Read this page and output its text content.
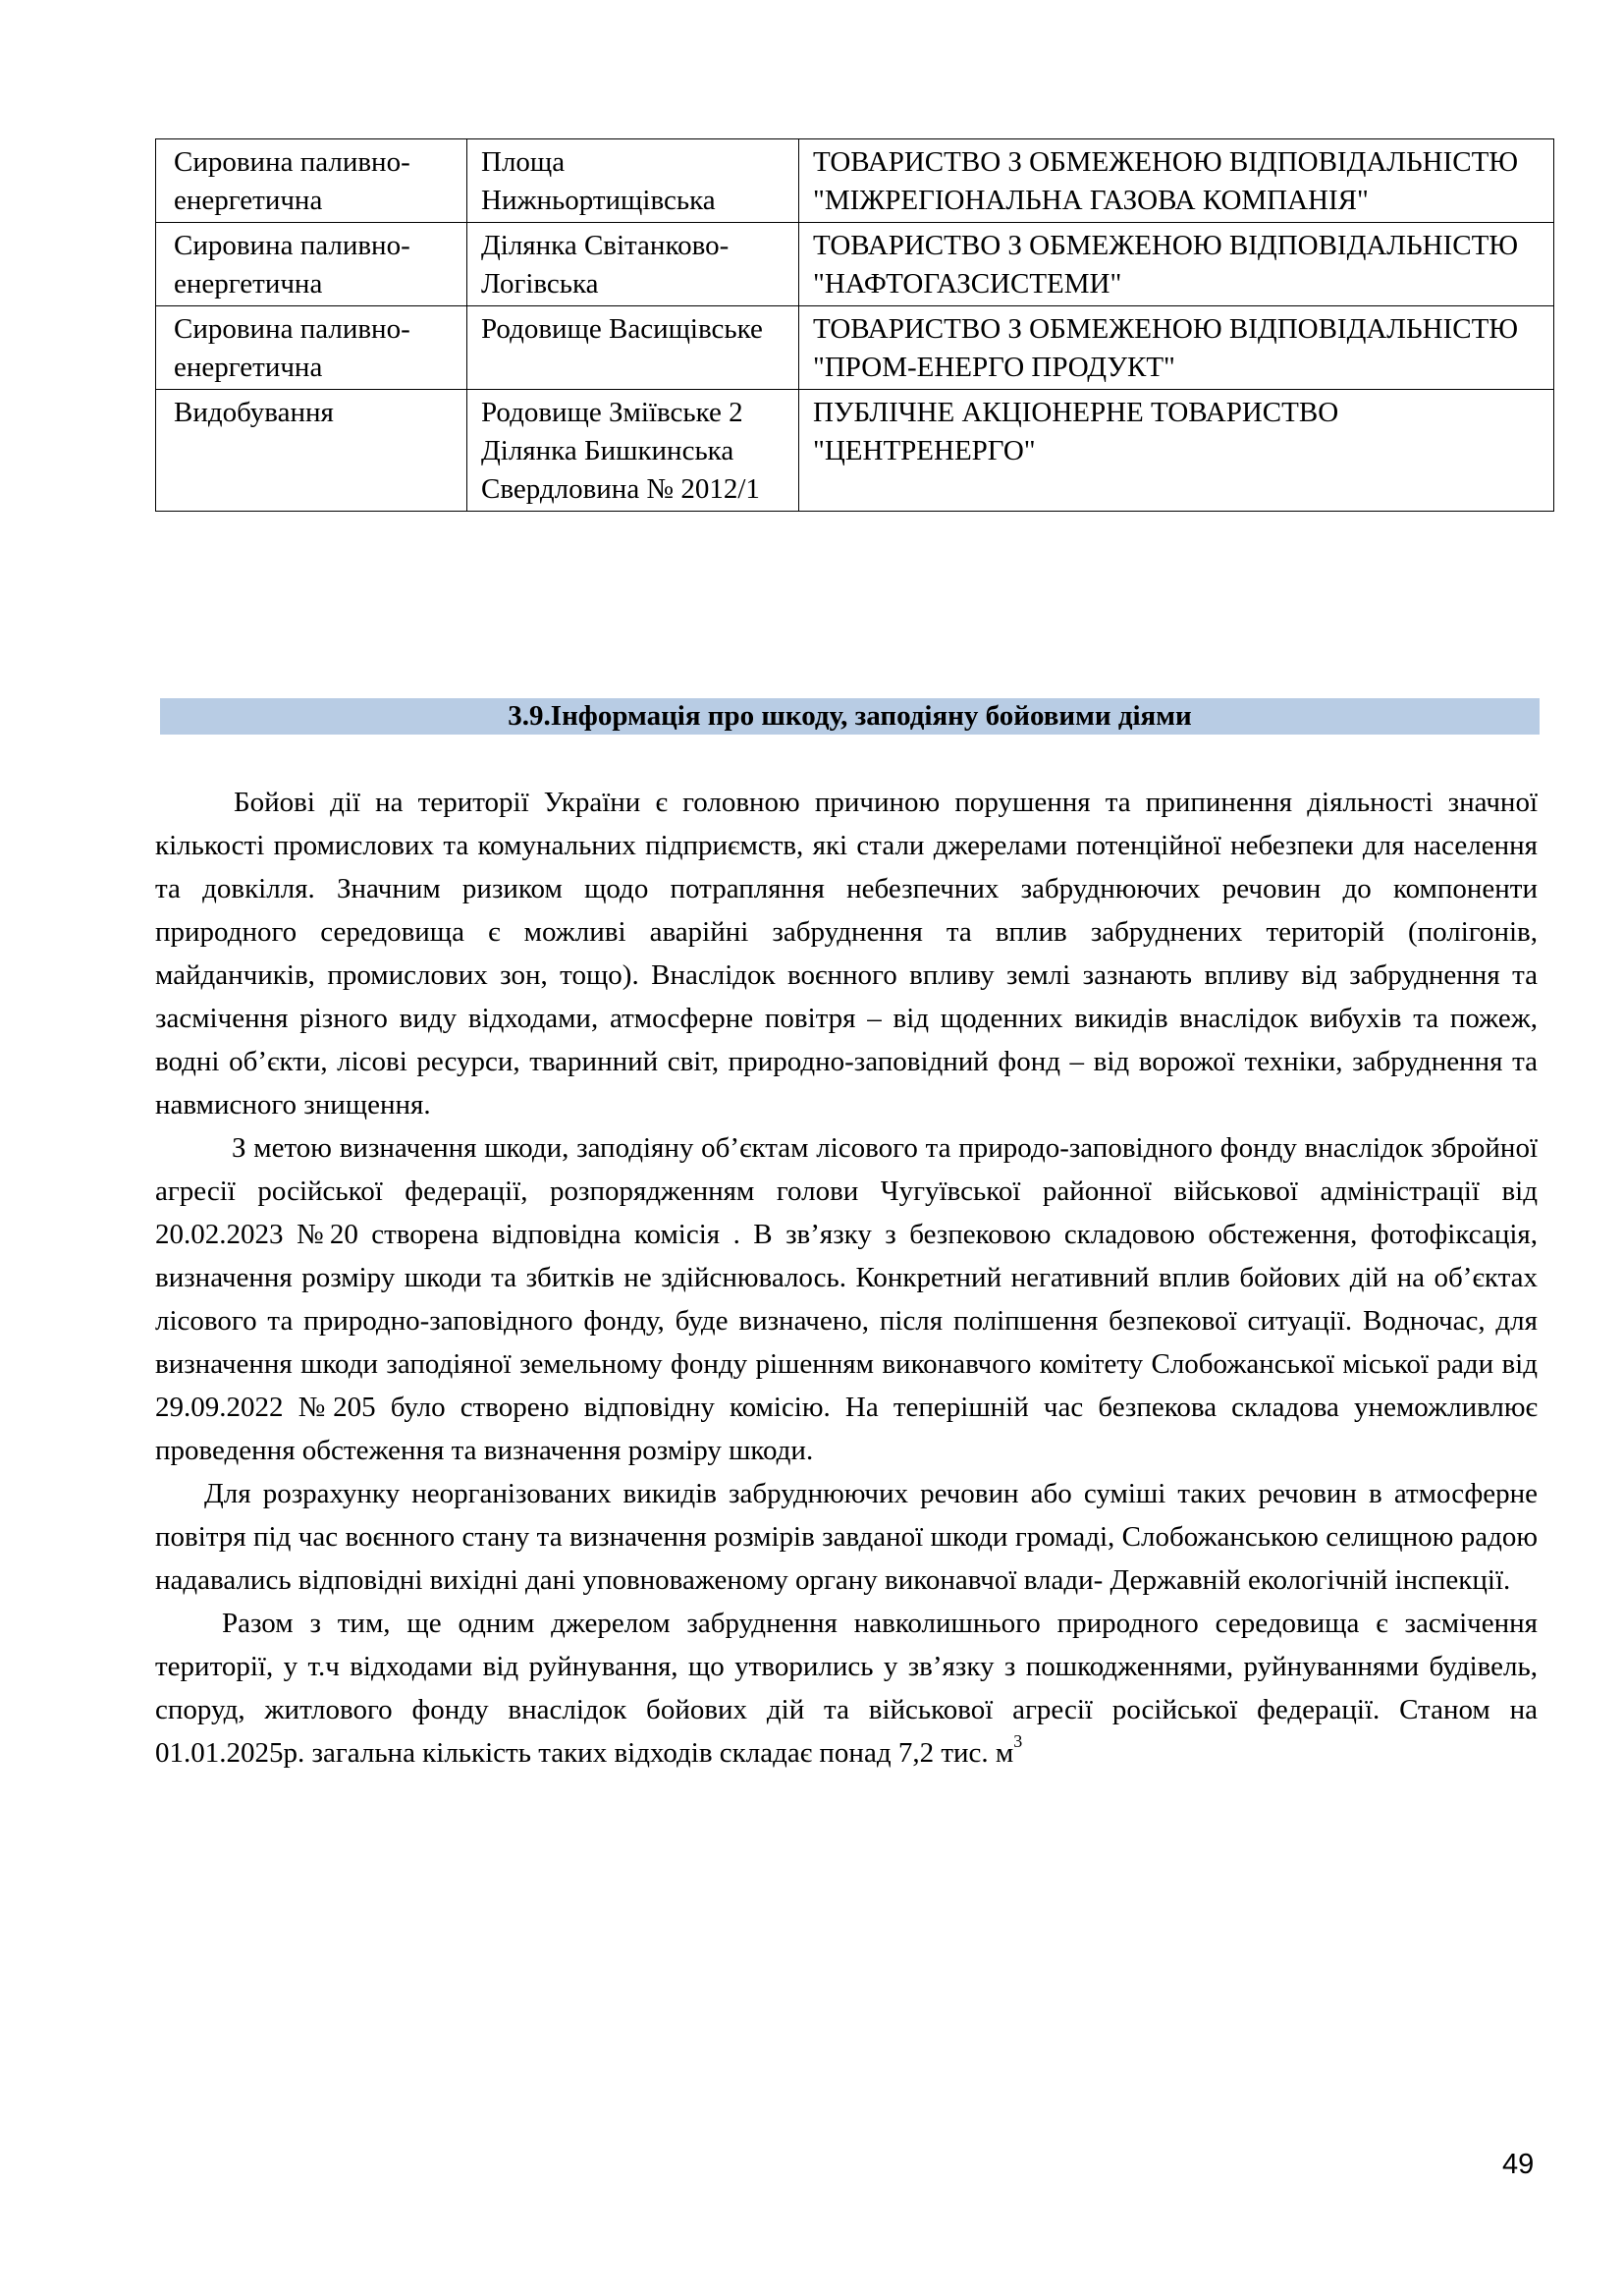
Сировина паливно-енергетична	Площа Нижньортищівська	ТОВАРИСТВО З ОБМЕЖЕНОЮ ВІДПОВІДАЛЬНІСТЮ "МІЖРЕГІОНАЛЬНА ГАЗОВА КОМПАНІЯ"
Сировина паливно-енергетична	Ділянка Світанково-Логівська	ТОВАРИСТВО З ОБМЕЖЕНОЮ ВІДПОВІДАЛЬНІСТЮ "НАФТОГАЗСИСТЕМИ"
Сировина паливно-енергетична	Родовище Васищівське	ТОВАРИСТВО З ОБМЕЖЕНОЮ ВІДПОВІДАЛЬНІСТЮ "ПРОМ-ЕНЕРГО ПРОДУКТ"
Видобування	Родовище Зміївське 2 Ділянка Бишкинська Свердловина № 2012/1	ПУБЛІЧНЕ АКЦІОНЕРНЕ ТОВАРИСТВО "ЦЕНТРЕНЕРГО"
3.9.Інформація про шкоду, заподіяну бойовими діями

Бойові дії на території України є головною причиною порушення та припинення діяльності значної кількості промислових та комунальних підприємств, які стали джерелами потенційної небезпеки для населення та довкілля. Значним ризиком щодо потрапляння небезпечних забруднюючих речовин до компоненти природного середовища є можливі аварійні забруднення та вплив забруднених територій (полігонів, майданчиків, промислових зон, тощо). Внаслідок воєнного впливу землі зазнають впливу від забруднення та засмічення різного виду відходами, атмосферне повітря – від щоденних викидів внаслідок вибухів та пожеж, водні об’єкти, лісові ресурси, тваринний світ, природно-заповідний фонд – від ворожої техніки, забруднення та навмисного знищення.

З метою визначення шкоди, заподіяну об’єктам лісового та природо-заповідного фонду внаслідок збройної агресії російської федерації, розпорядженням голови Чугуївської районної військової адміністрації від 20.02.2023 №20 створена відповідна комісія . В зв’язку з безпековою складовою обстеження, фотофіксація, визначення розміру шкоди та збитків не здійснювалось. Конкретний негативний вплив бойових дій на об’єктах лісового та природно-заповідного фонду, буде визначено, після поліпшення безпекової ситуації. Водночас, для визначення шкоди заподіяної земельному фонду рішенням виконавчого комітету Слобожанської міської ради від 29.09.2022 №205 було створено відповідну комісію. На теперішній час безпекова складова унеможливлює проведення обстеження та визначення розміру шкоди.

Для розрахунку неорганізованих викидів забруднюючих речовин або суміші таких речовин в атмосферне повітря під час воєнного стану та визначення розмірів завданої шкоди громаді, Слобожанською селищною радою надавались відповідні вихідні дані уповноваженому органу виконавчої влади- Державній екологічній інспекції.

Разом з тим, ще одним джерелом забруднення навколишнього природного середовища є засмічення території, у т.ч відходами від руйнування, що утворились у зв’язку з пошкодженнями, руйнуваннями будівель, споруд, житлового фонду внаслідок бойових дій та військової агресії російської федерації. Станом на 01.01.2025р. загальна кількість таких відходів складає понад 7,2 тис. $м^3$

49
